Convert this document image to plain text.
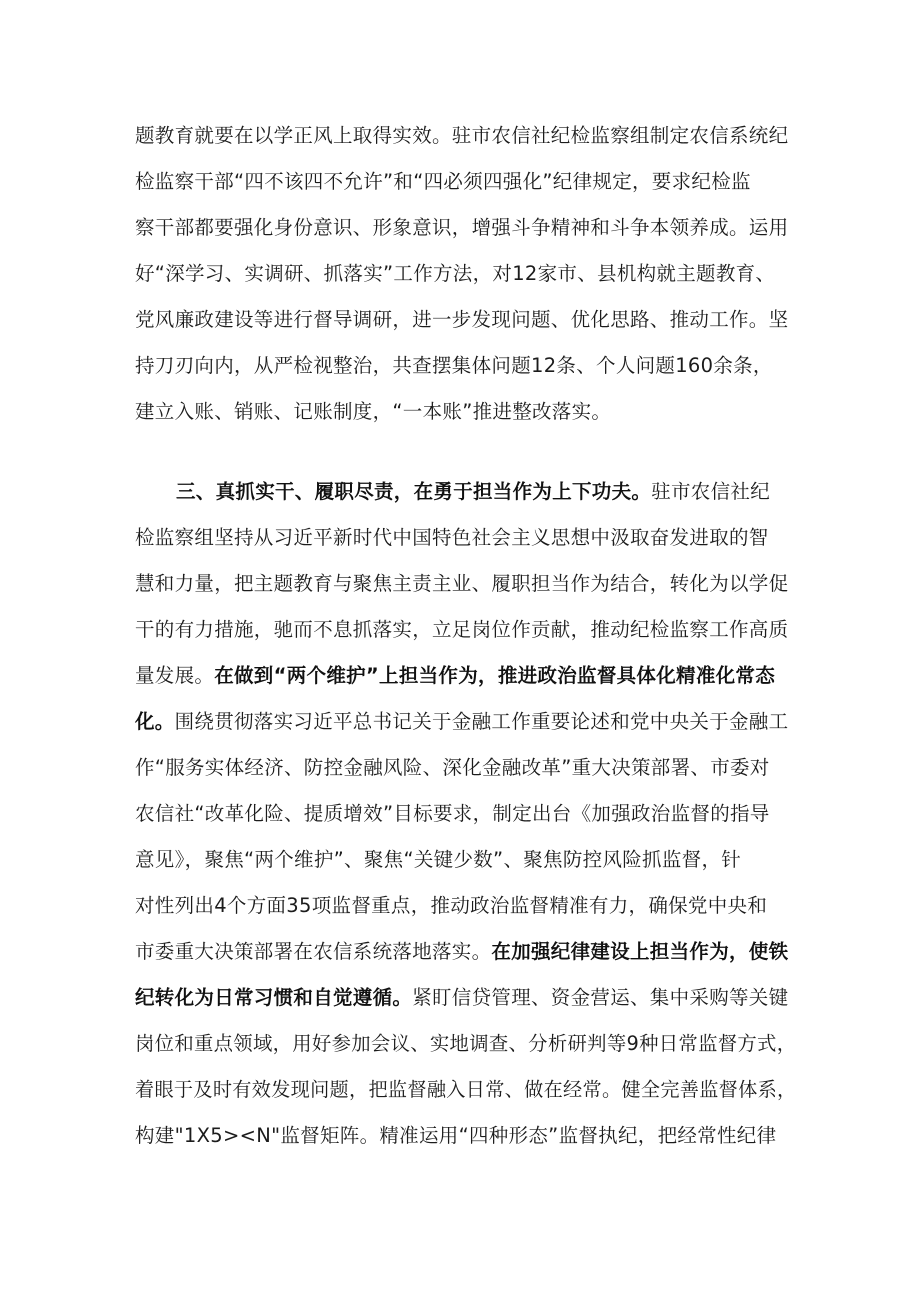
题教育就要在以学正风上取得实效。驻市农信社纪检监察组制定农信系统纪
检监察干部“四不该四不允许”和“四必须四强化”纪律规定，要求纪检监
察干部都要强化身份意识、形象意识，增强斗争精神和斗争本领养成。运用
好“深学习、实调研、抓落实”工作方法，对12家市、县机构就主题教育、
党风廉政建设等进行督导调研，进一步发现问题、优化思路、推动工作。坚
持刀刃向内，从严检视整治，共查摆集体问题12条、个人问题160余条，
建立入账、销账、记账制度，“一本账”推进整改落实。
三、真抓实干、履职尽责，在勇于担当作为上下功夫。驻市农信社纪
检监察组坚持从习近平新时代中国特色社会主义思想中汲取奋发进取的智
慧和力量，把主题教育与聚焦主责主业、履职担当作为结合，转化为以学促
干的有力措施，驰而不息抓落实，立足岗位作贡献，推动纪检监察工作高质
量发展。在做到“两个维护”上担当作为，推进政治监督具体化精准化常态
化。围绕贯彻落实习近平总书记关于金融工作重要论述和党中央关于金融工
作“服务实体经济、防控金融风险、深化金融改革”重大决策部署、市委对
农信社“改革化险、提质增效”目标要求，制定出台《加强政治监督的指导
意见》，聚焦“两个维护”、聚焦“关键少数”、聚焦防控风险抓监督，针
对性列出4个方面35项监督重点，推动政治监督精准有力，确保党中央和
市委重大决策部署在农信系统落地落实。在加强纪律建设上担当作为，使铁
纪转化为日常习惯和自觉遵循。紧盯信贷管理、资金营运、集中采购等关键
岗位和重点领域，用好参加会议、实地调查、分析研判等9种日常监督方式，
着眼于及时有效发现问题，把监督融入日常、做在经常。健全完善监督体系，
构建"1X5><N"监督矩阵。精准运用“四种形态”监督执纪，把经常性纪律
